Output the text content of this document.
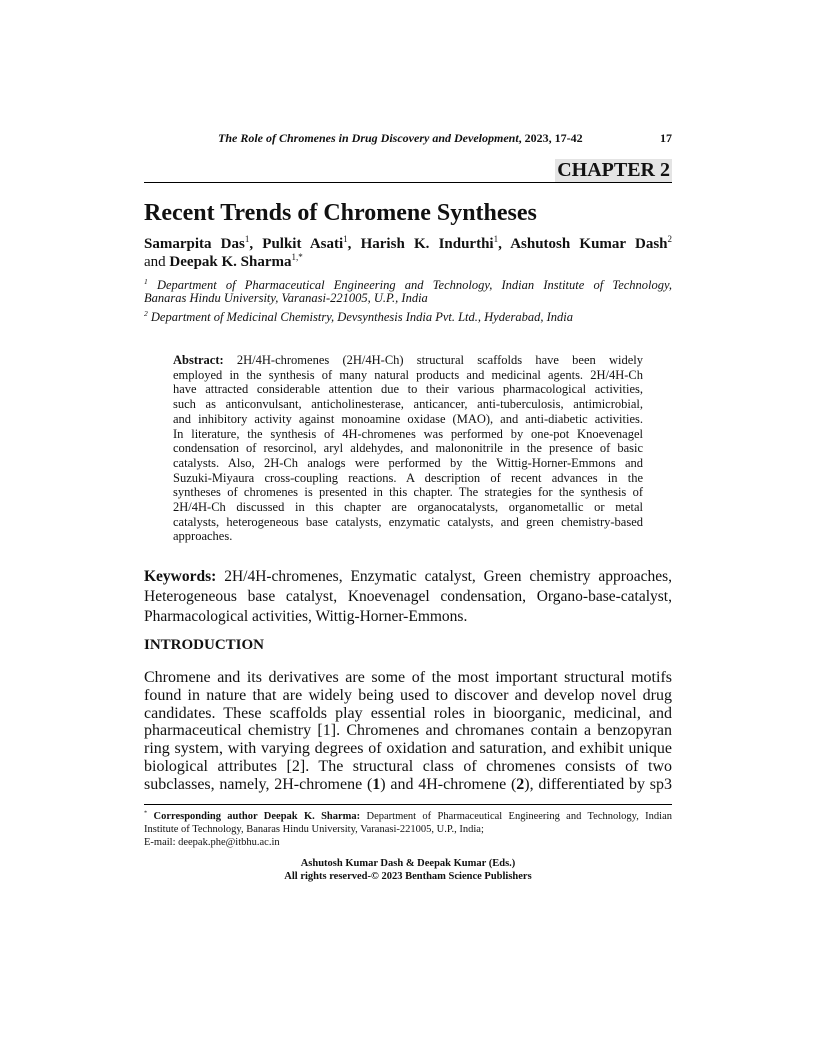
The Role of Chromenes in Drug Discovery and Development, 2023, 17-42	17
CHAPTER 2
Recent Trends of Chromene Syntheses
Samarpita Das$^1$, Pulkit Asati$^1$, Harish K. Indurthi$^1$, Ashutosh Kumar Dash$^2$
and Deepak K. Sharma$^{1,*}$
$^1$ Department of Pharmaceutical Engineering and Technology, Indian Institute of Technology,
Banaras Hindu University, Varanasi-221005, U.P., India
$^2$ Department of Medicinal Chemistry, Devsynthesis India Pvt. Ltd., Hyderabad, India
Abstract: 2H/4H-chromenes (2H/4H-Ch) structural scaffolds have been widely
employed in the synthesis of many natural products and medicinal agents. 2H/4H-Ch
have attracted considerable attention due to their various pharmacological activities,
such as anticonvulsant, anticholinesterase, anticancer, anti-tuberculosis, antimicrobial,
and inhibitory activity against monoamine oxidase (MAO), and anti-diabetic activities.
In literature, the synthesis of 4H-chromenes was performed by one-pot Knoevenagel
condensation of resorcinol, aryl aldehydes, and malononitrile in the presence of basic
catalysts. Also, 2H-Ch analogs were performed by the Wittig-Horner-Emmons and
Suzuki-Miyaura cross-coupling reactions. A description of recent advances in the
syntheses of chromenes is presented in this chapter. The strategies for the synthesis of
2H/4H-Ch discussed in this chapter are organocatalysts, organometallic or metal
catalysts, heterogeneous base catalysts, enzymatic catalysts, and green chemistry-based
approaches.
Keywords: 2H/4H-chromenes, Enzymatic catalyst, Green chemistry approaches,
Heterogeneous base catalyst, Knoevenagel condensation, Organo-base-catalyst,
Pharmacological activities, Wittig-Horner-Emmons.
INTRODUCTION
Chromene and its derivatives are some of the most important structural motifs
found in nature that are widely being used to discover and develop novel drug
candidates. These scaffolds play essential roles in bioorganic, medicinal, and
pharmaceutical chemistry [1]. Chromenes and chromanes contain a benzopyran
ring system, with varying degrees of oxidation and saturation, and exhibit unique
biological attributes [2]. The structural class of chromenes consists of two
subclasses, namely, 2H-chromene (1) and 4H-chromene (2), differentiated by sp3
* Corresponding author Deepak K. Sharma: Department of Pharmaceutical Engineering and Technology, Indian
Institute of Technology, Banaras Hindu University, Varanasi-221005, U.P., India;
E-mail: deepak.phe@itbhu.ac.in
Ashutosh Kumar Dash & Deepak Kumar (Eds.)
All rights reserved-© 2023 Bentham Science Publishers
